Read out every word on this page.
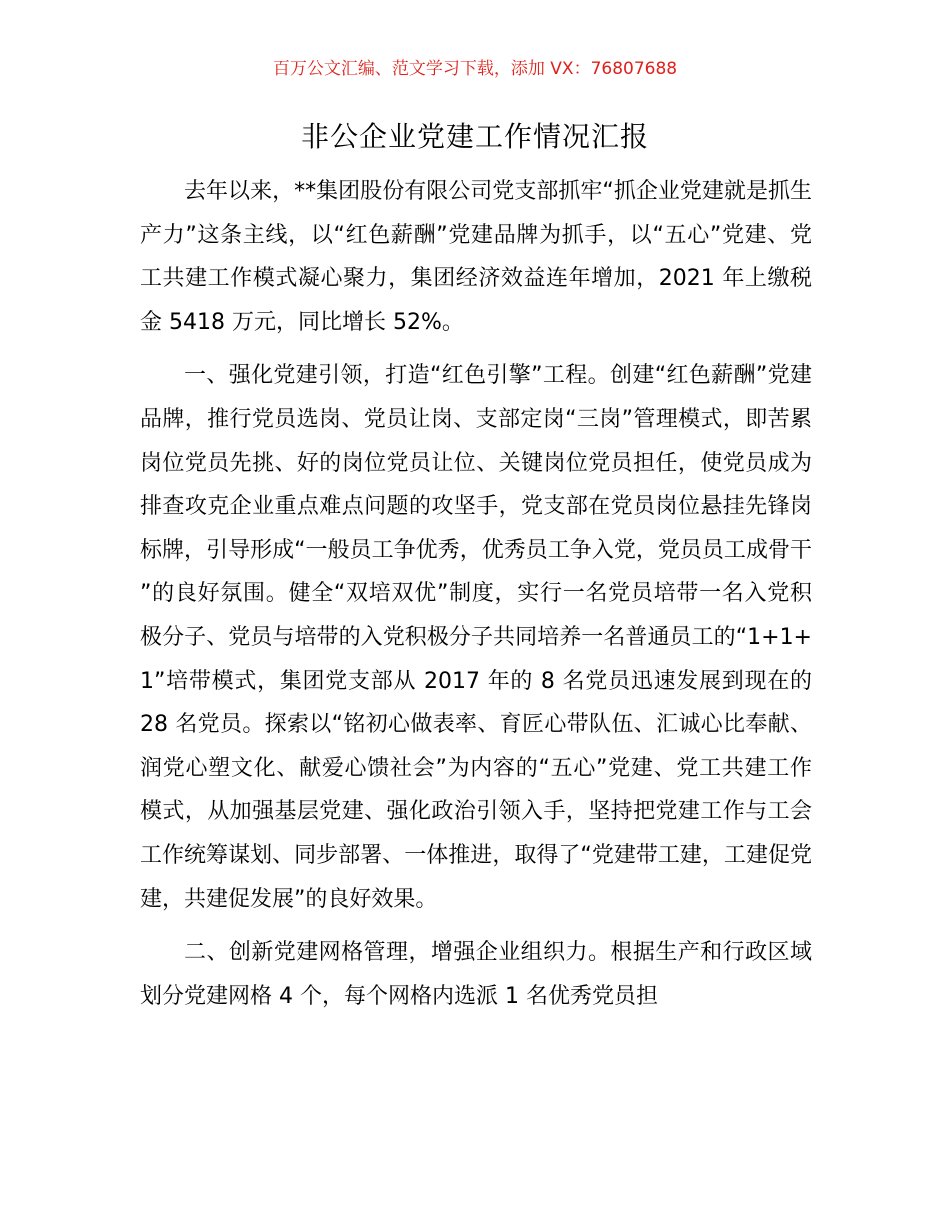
百万公文汇编、范文学习下载，添加 VX：76807688
非公企业党建工作情况汇报

去年以来，**集团股份有限公司党支部抓牢“抓企业党建就是抓生产力”这条主线，以“红色薪酬”党建品牌为抓手，以“五心”党建、党工共建工作模式凝心聚力，集团经济效益连年增加，2021 年上缴税金 5418 万元，同比增长 52%。

一、强化党建引领，打造“红色引擎”工程。创建“红色薪酬”党建品牌，推行党员选岗、党员让岗、支部定岗“三岗”管理模式，即苦累岗位党员先挑、好的岗位党员让位、关键岗位党员担任，使党员成为排查攻克企业重点难点问题的攻坚手，党支部在党员岗位悬挂先锋岗标牌，引导形成“一般员工争优秀，优秀员工争入党，党员员工成骨干”的良好氛围。健全“双培双优”制度，实行一名党员培带一名入党积极分子、党员与培带的入党积极分子共同培养一名普通员工的“1+1+1”培带模式，集团党支部从 2017 年的 8 名党员迅速发展到现在的 28 名党员。探索以“铭初心做表率、育匠心带队伍、汇诚心比奉献、润党心塑文化、献爱心馈社会”为内容的“五心”党建、党工共建工作模式，从加强基层党建、强化政治引领入手，坚持把党建工作与工会工作统筹谋划、同步部署、一体推进，取得了“党建带工建，工建促党建，共建促发展”的良好效果。

二、创新党建网格管理，增强企业组织力。根据生产和行政区域划分党建网格 4 个，每个网格内选派 1 名优秀党员担
